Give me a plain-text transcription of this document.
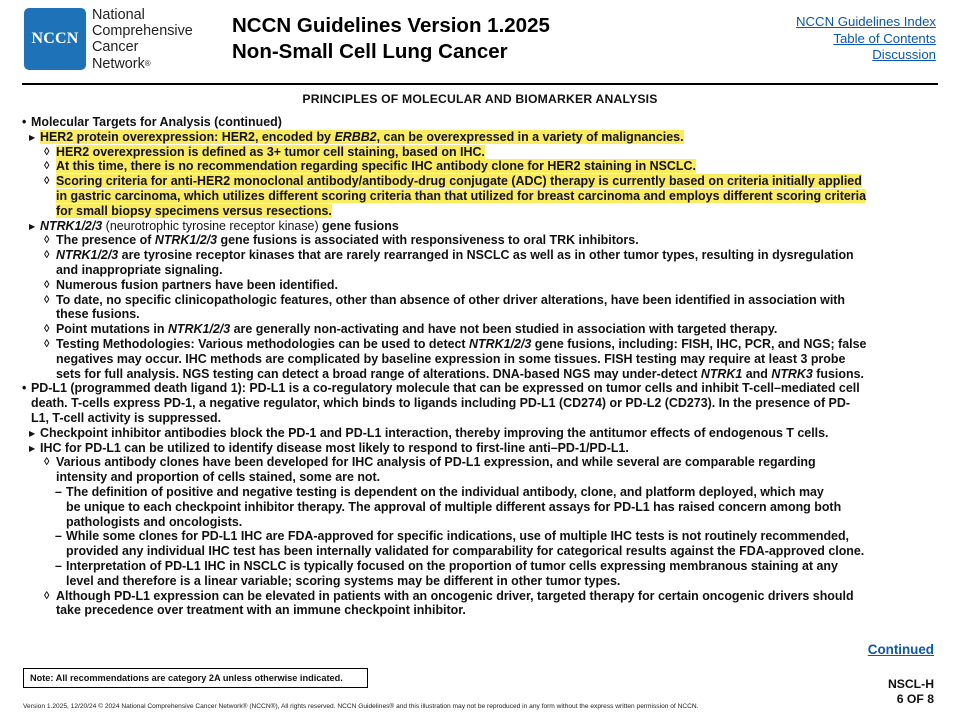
NCCN
National
Comprehensive
Cancer
Network®
NCCN Guidelines Version 1.2025
Non-Small Cell Lung Cancer
NCCN Guidelines Index
Table of Contents
Discussion
PRINCIPLES OF MOLECULAR AND BIOMARKER ANALYSIS
• Molecular Targets for Analysis (continued)
▶ HER2 protein overexpression: HER2, encoded by ERBB2, can be overexpressed in a variety of malignancies.
◊ HER2 overexpression is defined as 3+ tumor cell staining, based on IHC.
◊ At this time, there is no recommendation regarding specific IHC antibody clone for HER2 staining in NSCLC.
◊ Scoring criteria for anti-HER2 monoclonal antibody/antibody-drug conjugate (ADC) therapy is currently based on criteria initially applied
in gastric carcinoma, which utilizes different scoring criteria than that utilized for breast carcinoma and employs different scoring criteria
for small biopsy specimens versus resections.
▶ NTRK1/2/3 (neurotrophic tyrosine receptor kinase) gene fusions
◊ The presence of NTRK1/2/3 gene fusions is associated with responsiveness to oral TRK inhibitors.
◊ NTRK1/2/3 are tyrosine receptor kinases that are rarely rearranged in NSCLC as well as in other tumor types, resulting in dysregulation
and inappropriate signaling.
◊ Numerous fusion partners have been identified.
◊ To date, no specific clinicopathologic features, other than absence of other driver alterations, have been identified in association with
these fusions.
◊ Point mutations in NTRK1/2/3 are generally non-activating and have not been studied in association with targeted therapy.
◊ Testing Methodologies: Various methodologies can be used to detect NTRK1/2/3 gene fusions, including: FISH, IHC, PCR, and NGS; false
negatives may occur. IHC methods are complicated by baseline expression in some tissues. FISH testing may require at least 3 probe
sets for full analysis. NGS testing can detect a broad range of alterations. DNA-based NGS may under-detect NTRK1 and NTRK3 fusions.
• PD-L1 (programmed death ligand 1): PD-L1 is a co-regulatory molecule that can be expressed on tumor cells and inhibit T-cell–mediated cell
death. T-cells express PD-1, a negative regulator, which binds to ligands including PD-L1 (CD274) or PD-L2 (CD273). In the presence of PD-
L1, T-cell activity is suppressed.
▶ Checkpoint inhibitor antibodies block the PD-1 and PD-L1 interaction, thereby improving the antitumor effects of endogenous T cells.
▶ IHC for PD-L1 can be utilized to identify disease most likely to respond to first-line anti–PD-1/PD-L1.
◊ Various antibody clones have been developed for IHC analysis of PD-L1 expression, and while several are comparable regarding
intensity and proportion of cells stained, some are not.
– The definition of positive and negative testing is dependent on the individual antibody, clone, and platform deployed, which may
be unique to each checkpoint inhibitor therapy. The approval of multiple different assays for PD-L1 has raised concern among both
pathologists and oncologists.
– While some clones for PD-L1 IHC are FDA-approved for specific indications, use of multiple IHC tests is not routinely recommended,
provided any individual IHC test has been internally validated for comparability for categorical results against the FDA-approved clone.
– Interpretation of PD-L1 IHC in NSCLC is typically focused on the proportion of tumor cells expressing membranous staining at any
level and therefore is a linear variable; scoring systems may be different in other tumor types.
◊ Although PD-L1 expression can be elevated in patients with an oncogenic driver, targeted therapy for certain oncogenic drivers should
take precedence over treatment with an immune checkpoint inhibitor.
Continued
Note: All recommendations are category 2A unless otherwise indicated.	NSCL-H
6 OF 8
Version 1.2025, 12/20/24 © 2024 National Comprehensive Cancer Network® (NCCN®), All rights reserved. NCCN Guidelines® and this illustration may not be reproduced in any form without the express written permission of NCCN.
